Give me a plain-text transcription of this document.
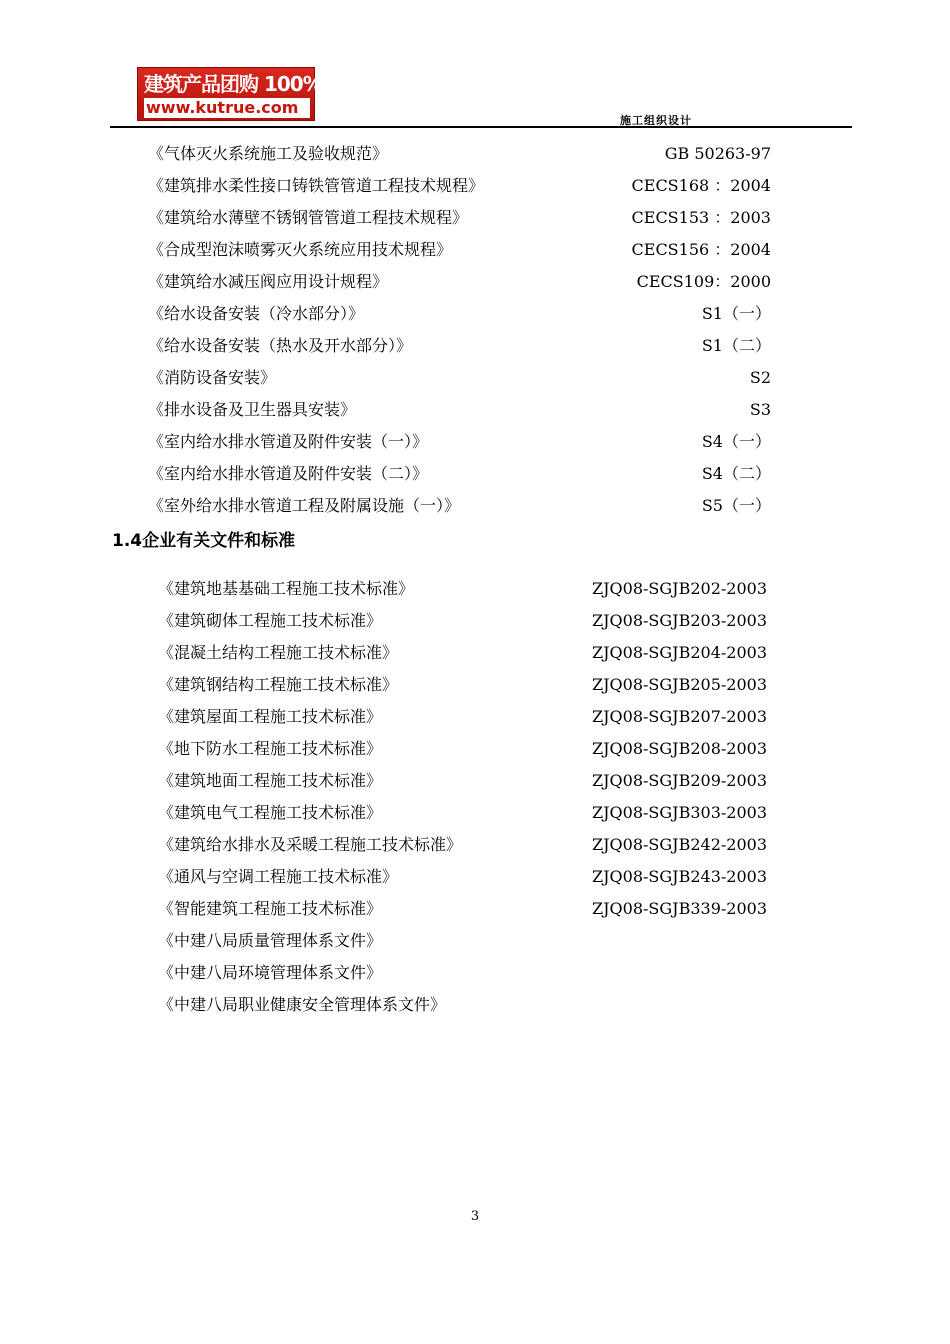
建筑产品团购 100%正品
www.kutrue.com
施工组织设计
《气体灭火系统施工及验收规范》	GB 50263-97
《建筑排水柔性接口铸铁管管道工程技术规程》	CECS168 ：2004
《建筑给水薄壁不锈钢管管道工程技术规程》	CECS153 ：2003
《合成型泡沫喷雾灭火系统应用技术规程》	CECS156 ：2004
《建筑给水减压阀应用设计规程》	CECS109：2000
《给水设备安装（冷水部分）》	S1（一）
《给水设备安装（热水及开水部分）》	S1（二）
《消防设备安装》	S2
《排水设备及卫生器具安装》	S3
《室内给水排水管道及附件安装（一）》	S4（一）
《室内给水排水管道及附件安装（二）》	S4（二）
《室外给水排水管道工程及附属设施（一）》	S5（一）
1.4企业有关文件和标准
《建筑地基基础工程施工技术标准》	ZJQ08-SGJB202-2003
《建筑砌体工程施工技术标准》	ZJQ08-SGJB203-2003
《混凝土结构工程施工技术标准》	ZJQ08-SGJB204-2003
《建筑钢结构工程施工技术标准》	ZJQ08-SGJB205-2003
《建筑屋面工程施工技术标准》	ZJQ08-SGJB207-2003
《地下防水工程施工技术标准》	ZJQ08-SGJB208-2003
《建筑地面工程施工技术标准》	ZJQ08-SGJB209-2003
《建筑电气工程施工技术标准》	ZJQ08-SGJB303-2003
《建筑给水排水及采暖工程施工技术标准》	ZJQ08-SGJB242-2003
《通风与空调工程施工技术标准》	ZJQ08-SGJB243-2003
《智能建筑工程施工技术标准》	ZJQ08-SGJB339-2003
《中建八局质量管理体系文件》
《中建八局环境管理体系文件》
《中建八局职业健康安全管理体系文件》
3
